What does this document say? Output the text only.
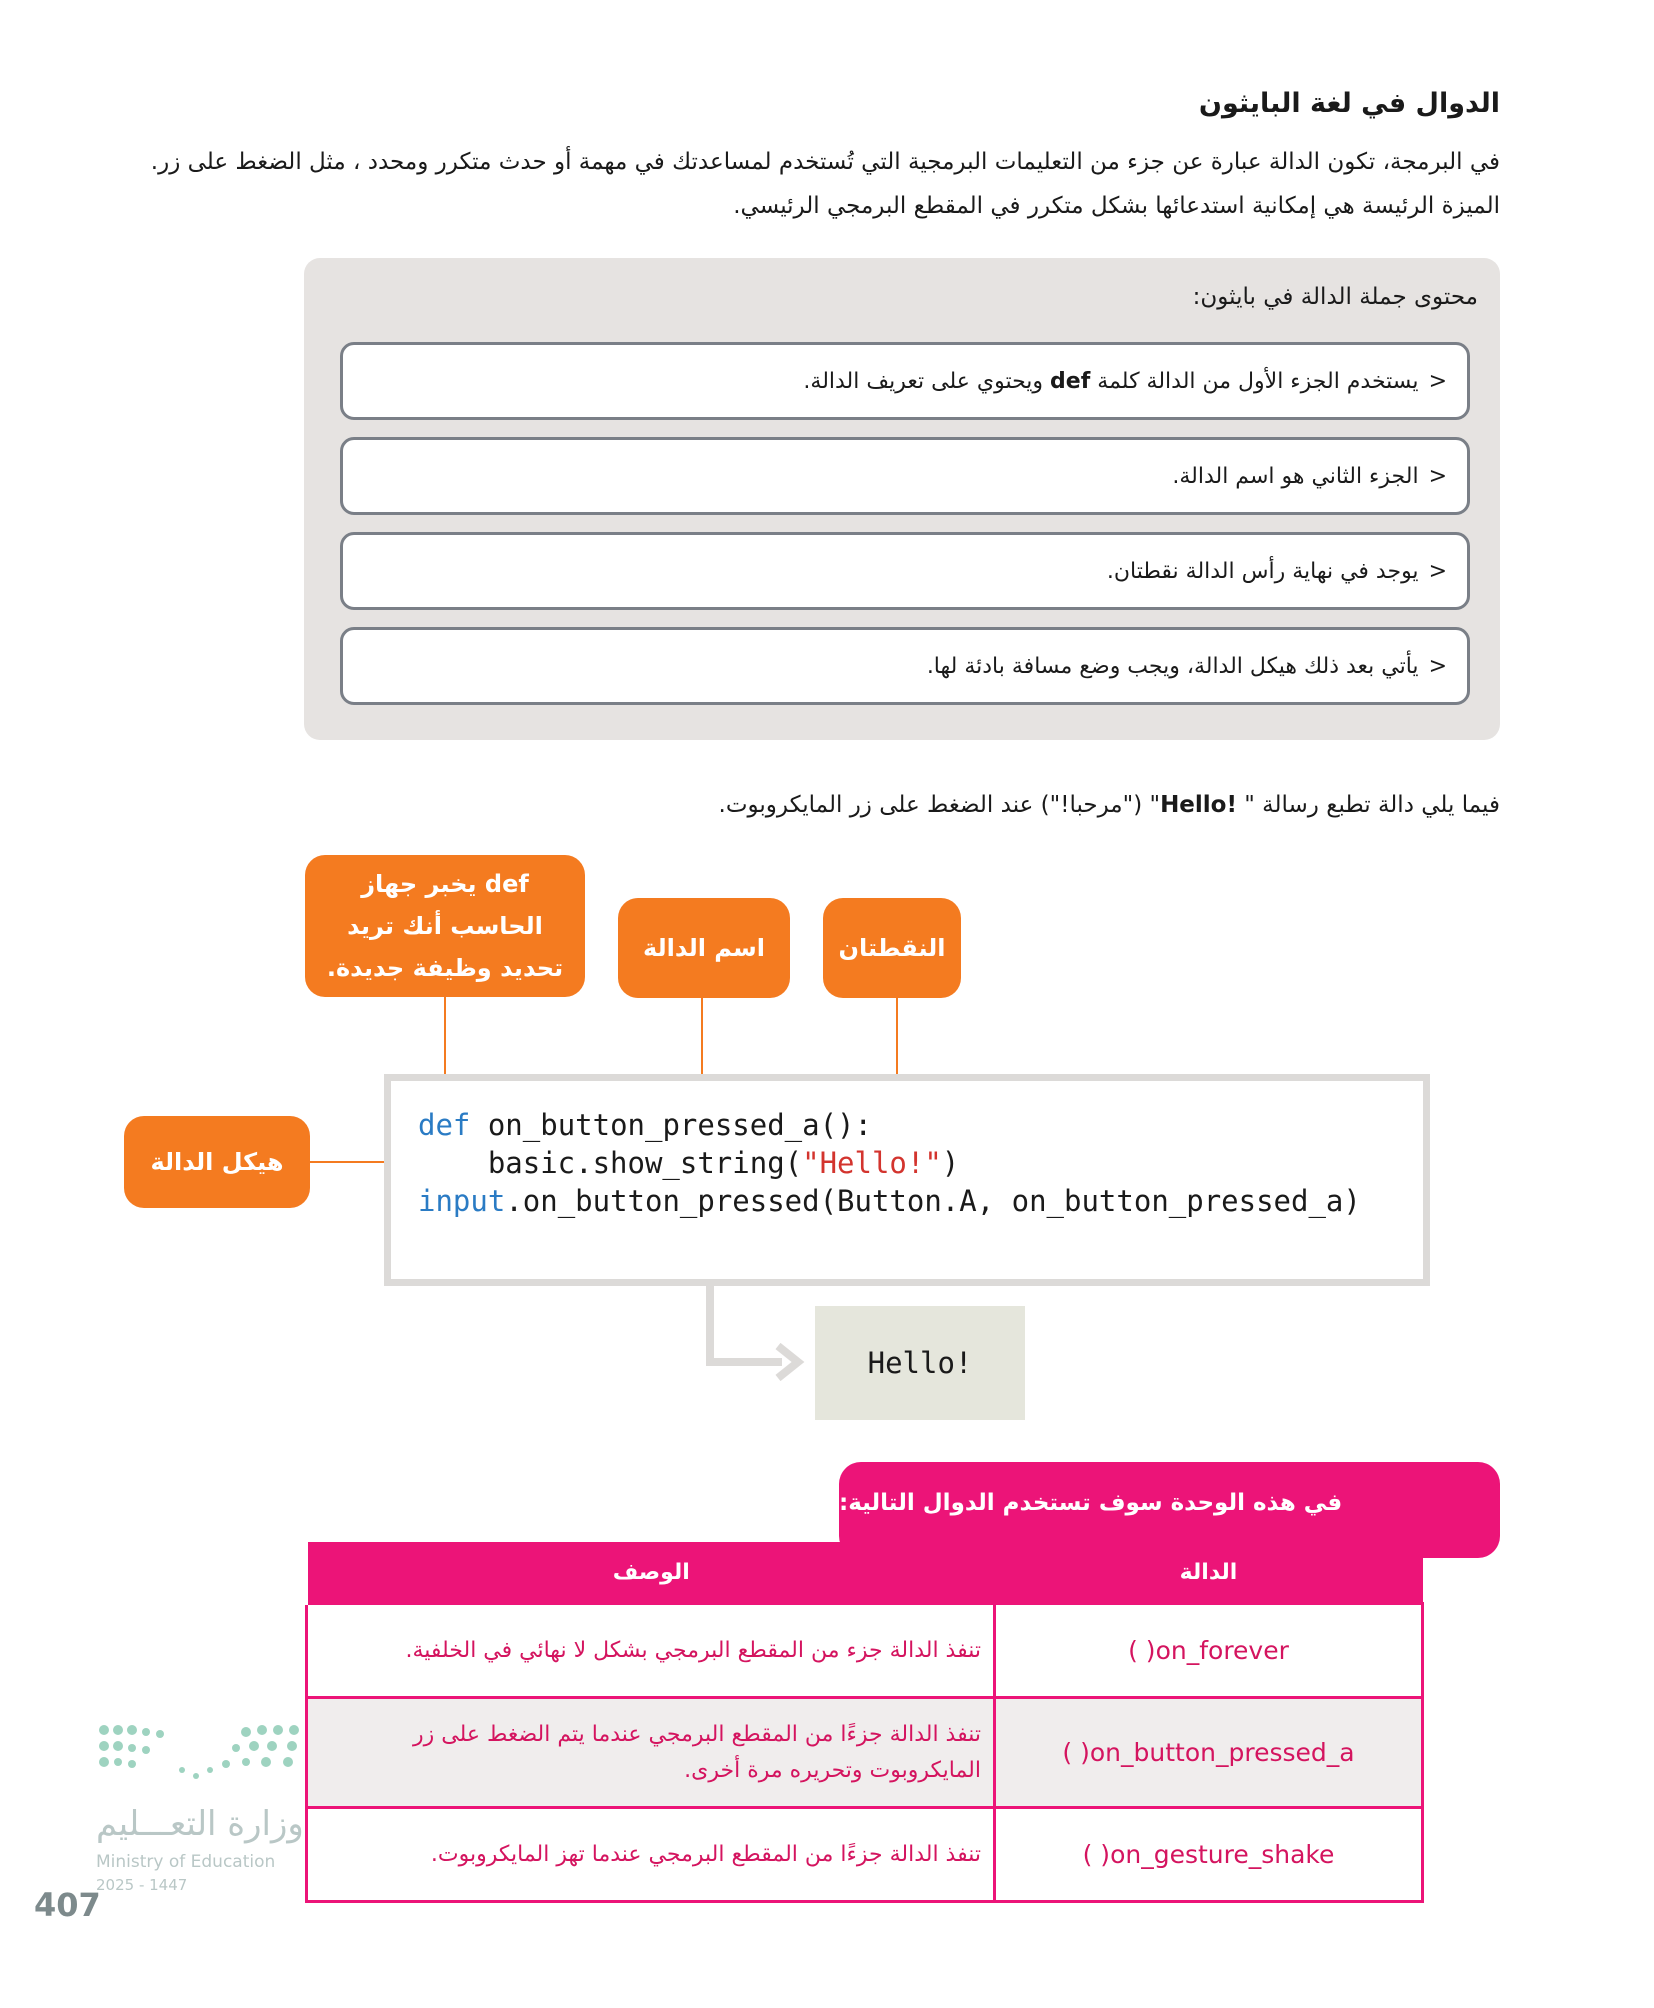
الدوال في لغة البايثون
في البرمجة، تكون الدالة عبارة عن جزء من التعليمات البرمجية التي تُستخدم لمساعدتك في مهمة أو حدث متكرر ومحدد ، مثل الضغط على زر. الميزة الرئيسة هي إمكانية استدعائها بشكل متكرر في المقطع البرمجي الرئيسي.
محتوى جملة الدالة في بايثون:
<
يستخدم الجزء الأول من الدالة كلمة def ويحتوي على تعريف الدالة.
<
الجزء الثاني هو اسم الدالة.
<
يوجد في نهاية رأس الدالة نقطتان.
<
يأتي بعد ذلك هيكل الدالة، ويجب وضع مسافة بادئة لها.
فيما يلي دالة تطبع رسالة " Hello!" ("مرحبا!") عند الضغط على زر المايكروبوت.
def يخبر جهاز
الحاسب أنك تريد
تحديد وظيفة جديدة.
اسم الدالة	النقطتان
هيكل الدالة
def on_button_pressed_a():
basic.show_string("Hello!")
input.on_button_pressed(Button.A, on_button_pressed_a)
Hello!
في هذه الوحدة سوف تستخدم الدوال التالية:
الوصف	الدالة
تنفذ الدالة جزء من المقطع البرمجي بشكل لا نهائي في الخلفية.	on_forever( )
تنفذ الدالة جزءًا من المقطع البرمجي عندما يتم الضغط على زر المايكروبوت وتحريره مرة أخرى.	on_button_pressed_a( )
تنفذ الدالة جزءًا من المقطع البرمجي عندما تهز المايكروبوت.	on_gesture_shake( )
وزارة التعـــليم
Ministry of Education
2025 - 1447
407
